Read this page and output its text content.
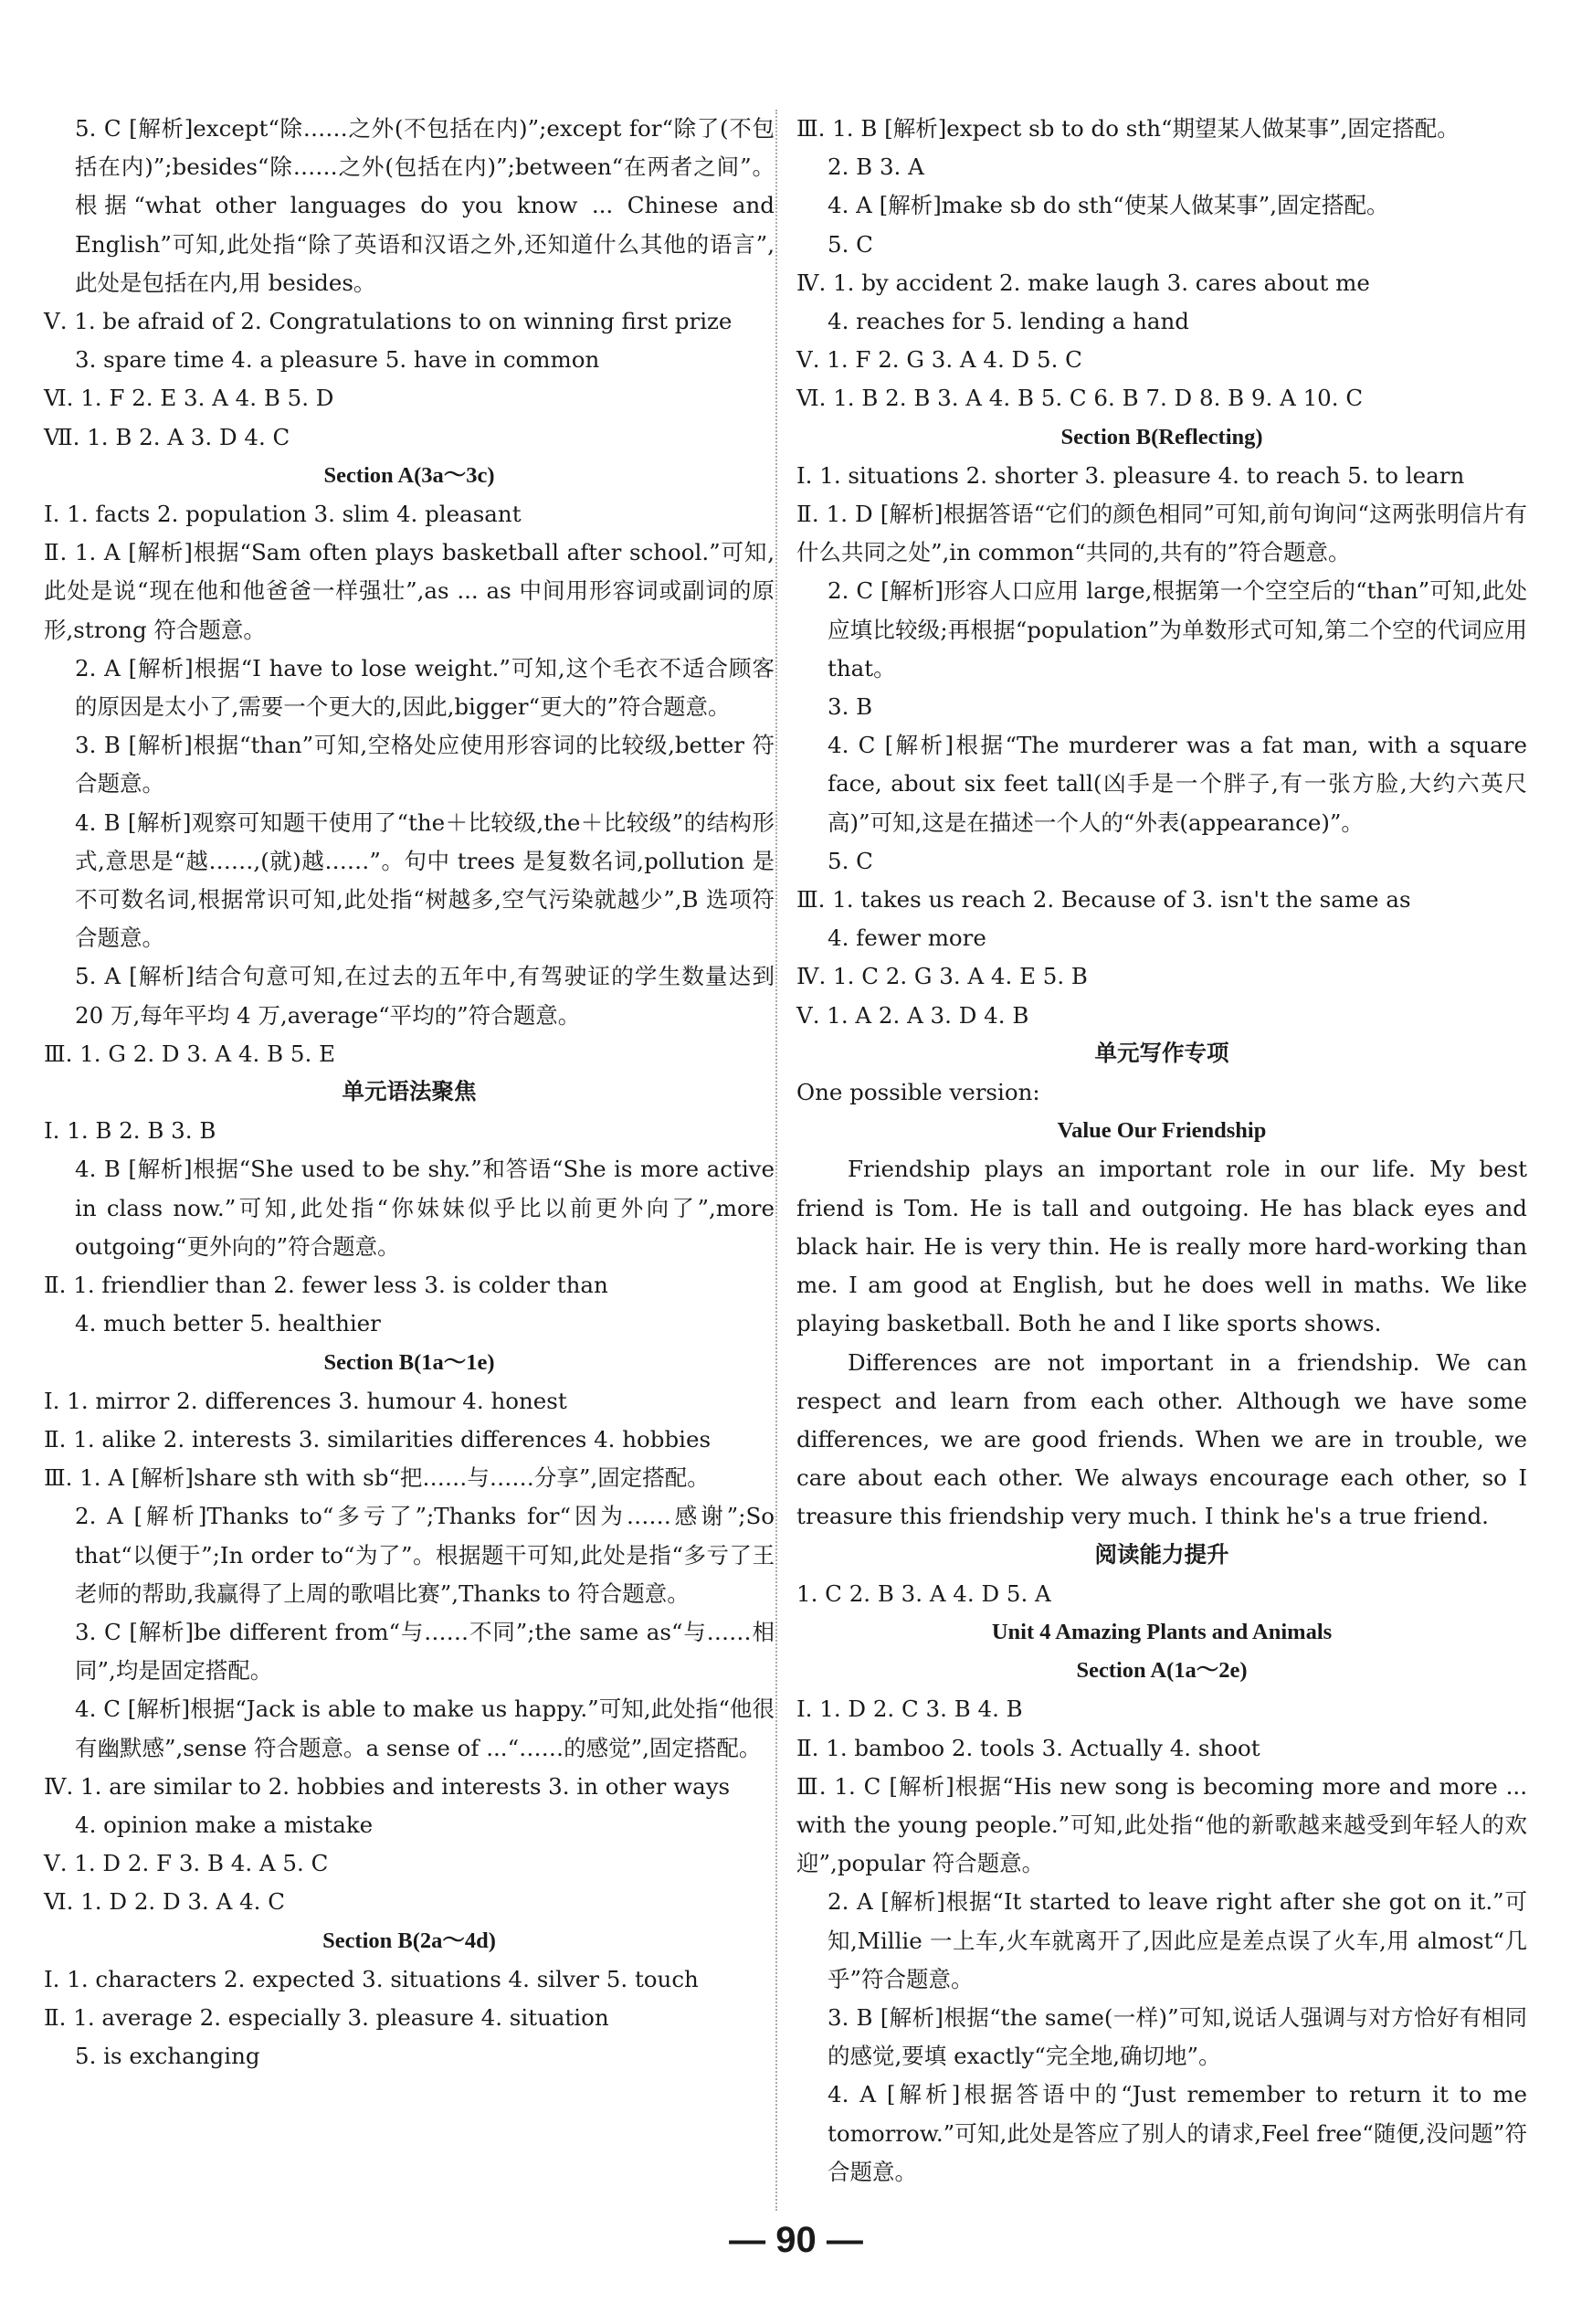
5. C [解析]except“除……之外(不包括在内)”;except for“除了(不包括在内)”;besides“除……之外(包括在内)”;between“在两者之间”。根据“what other languages do you know ... Chinese and English”可知,此处指“除了英语和汉语之外,还知道什么其他的语言”,此处是包括在内,用 besides。
Ⅴ. 1. be afraid of 2. Congratulations to on winning first prize
3. spare time 4. a pleasure 5. have in common
Ⅵ. 1. F 2. E 3. A 4. B 5. D
Ⅶ. 1. B 2. A 3. D 4. C
Section A(3a～3c)
Ⅰ. 1. facts 2. population 3. slim 4. pleasant
Ⅱ. 1. A [解析]根据“Sam often plays basketball after school.”可知,此处是说“现在他和他爸爸一样强壮”,as ... as 中间用形容词或副词的原形,strong 符合题意。
2. A [解析]根据“I have to lose weight.”可知,这个毛衣不适合顾客的原因是太小了,需要一个更大的,因此,bigger“更大的”符合题意。
3. B [解析]根据“than”可知,空格处应使用形容词的比较级,better 符合题意。
4. B [解析]观察可知题干使用了“the＋比较级,the＋比较级”的结构形式,意思是“越……,(就)越……”。句中 trees 是复数名词,pollution 是不可数名词,根据常识可知,此处指“树越多,空气污染就越少”,B 选项符合题意。
5. A [解析]结合句意可知,在过去的五年中,有驾驶证的学生数量达到 20 万,每年平均 4 万,average“平均的”符合题意。
Ⅲ. 1. G 2. D 3. A 4. B 5. E
单元语法聚焦
Ⅰ. 1. B 2. B 3. B
4. B [解析]根据“She used to be shy.”和答语“She is more active in class now.”可知,此处指“你妹妹似乎比以前更外向了”,more outgoing“更外向的”符合题意。
Ⅱ. 1. friendlier than 2. fewer less 3. is colder than
4. much better 5. healthier
Section B(1a～1e)
Ⅰ. 1. mirror 2. differences 3. humour 4. honest
Ⅱ. 1. alike 2. interests 3. similarities differences 4. hobbies
Ⅲ. 1. A [解析]share sth with sb“把……与……分享”,固定搭配。
2. A [解析]Thanks to“多亏了”;Thanks for“因为……感谢”;So that“以便于”;In order to“为了”。根据题干可知,此处是指“多亏了王老师的帮助,我赢得了上周的歌唱比赛”,Thanks to 符合题意。
3. C [解析]be different from“与……不同”;the same as“与……相同”,均是固定搭配。
4. C [解析]根据“Jack is able to make us happy.”可知,此处指“他很有幽默感”,sense 符合题意。a sense of ...“……的感觉”,固定搭配。
Ⅳ. 1. are similar to 2. hobbies and interests 3. in other ways
4. opinion make a mistake
Ⅴ. 1. D 2. F 3. B 4. A 5. C
Ⅵ. 1. D 2. D 3. A 4. C
Section B(2a～4d)
Ⅰ. 1. characters 2. expected 3. situations 4. silver 5. touch
Ⅱ. 1. average 2. especially 3. pleasure 4. situation
5. is exchanging
Ⅲ. 1. B [解析]expect sb to do sth“期望某人做某事”,固定搭配。
2. B 3. A
4. A [解析]make sb do sth“使某人做某事”,固定搭配。
5. C
Ⅳ. 1. by accident 2. make laugh 3. cares about me
4. reaches for 5. lending a hand
Ⅴ. 1. F 2. G 3. A 4. D 5. C
Ⅵ. 1. B 2. B 3. A 4. B 5. C 6. B 7. D 8. B 9. A 10. C
Section B(Reflecting)
Ⅰ. 1. situations 2. shorter 3. pleasure 4. to reach 5. to learn
Ⅱ. 1. D [解析]根据答语“它们的颜色相同”可知,前句询问“这两张明信片有什么共同之处”,in common“共同的,共有的”符合题意。
2. C [解析]形容人口应用 large,根据第一个空空后的“than”可知,此处应填比较级;再根据“population”为单数形式可知,第二个空的代词应用 that。
3. B
4. C [解析]根据“The murderer was a fat man, with a square face, about six feet tall(凶手是一个胖子,有一张方脸,大约六英尺高)”可知,这是在描述一个人的“外表(appearance)”。
5. C
Ⅲ. 1. takes us reach 2. Because of 3. isn't the same as
4. fewer more
Ⅳ. 1. C 2. G 3. A 4. E 5. B
Ⅴ. 1. A 2. A 3. D 4. B
单元写作专项
One possible version:
Value Our Friendship
Friendship plays an important role in our life. My best friend is Tom. He is tall and outgoing. He has black eyes and black hair. He is very thin. He is really more hard-working than me. I am good at English, but he does well in maths. We like playing basketball. Both he and I like sports shows.
Differences are not important in a friendship. We can respect and learn from each other. Although we have some differences, we are good friends. When we are in trouble, we care about each other. We always encourage each other, so I treasure this friendship very much. I think he's a true friend.
阅读能力提升
1. C 2. B 3. A 4. D 5. A
Unit 4 Amazing Plants and Animals
Section A(1a～2e)
Ⅰ. 1. D 2. C 3. B 4. B
Ⅱ. 1. bamboo 2. tools 3. Actually 4. shoot
Ⅲ. 1. C [解析]根据“His new song is becoming more and more ... with the young people.”可知,此处指“他的新歌越来越受到年轻人的欢迎”,popular 符合题意。
2. A [解析]根据“It started to leave right after she got on it.”可知,Millie 一上车,火车就离开了,因此应是差点误了火车,用 almost“几乎”符合题意。
3. B [解析]根据“the same(一样)”可知,说话人强调与对方恰好有相同的感觉,要填 exactly“完全地,确切地”。
4. A [解析]根据答语中的“Just remember to return it to me tomorrow.”可知,此处是答应了别人的请求,Feel free“随便,没问题”符合题意。
— 90 —
